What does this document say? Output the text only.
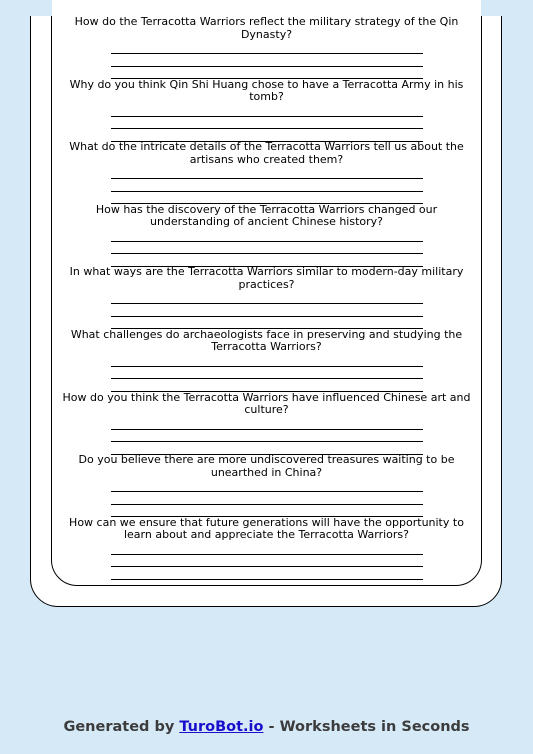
How do the Terracotta Warriors reflect the military strategy of the Qin Dynasty?
Why do you think Qin Shi Huang chose to have a Terracotta Army in his tomb?
What do the intricate details of the Terracotta Warriors tell us about the artisans who created them?
How has the discovery of the Terracotta Warriors changed our understanding of ancient Chinese history?
In what ways are the Terracotta Warriors similar to modern-day military practices?
What challenges do archaeologists face in preserving and studying the Terracotta Warriors?
How do you think the Terracotta Warriors have influenced Chinese art and culture?
Do you believe there are more undiscovered treasures waiting to be unearthed in China?
How can we ensure that future generations will have the opportunity to learn about and appreciate the Terracotta Warriors?
Generated by TuroBot.io - Worksheets in Seconds
